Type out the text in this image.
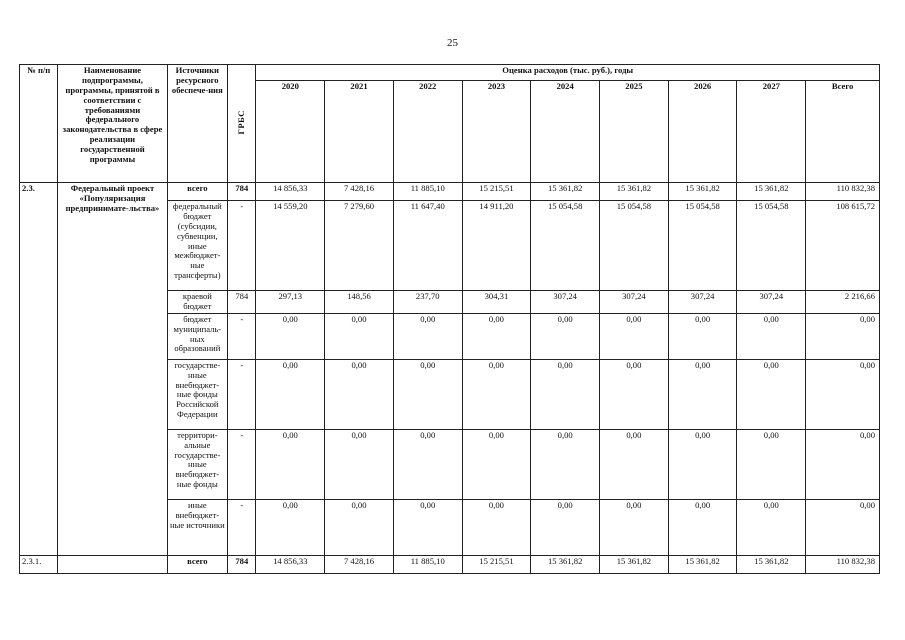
25
№ п/п	Наименование подпрограммы, программы, принятой в соответствии с требованиями федерального законодательства в сфере реализации государственной программы	Источники ресурсного обеспече-ния	ГРБС	Оценка расходов (тыс. руб.), годы								
				2020	2021	2022	2023	2024	2025	2026	2027	Всего
2.3.	Федеральный проект «Популяризация предпринимате-льства»	всего	784	14 856,33	7 428,16	11 885,10	15 215,51	15 361,82	15 361,82	15 361,82	15 361,82	110 832,38
		федеральный бюджет (субсидии, субвенции, иные межбюджет-ные трансферты)	-	14 559,20	7 279,60	11 647,40	14 911,20	15 054,58	15 054,58	15 054,58	15 054,58	108 615,72
		краевой бюджет	784	297,13	148,56	237,70	304,31	307,24	307,24	307,24	307,24	2 216,66
		бюджет муниципаль-ных образований	-	0,00	0,00	0,00	0,00	0,00	0,00	0,00	0,00	0,00
		государстве-нные внебюджет-ные фонды Российской Федерации	-	0,00	0,00	0,00	0,00	0,00	0,00	0,00	0,00	0,00
		территори-альные государстве-нные внебюджет-ные фонды	-	0,00	0,00	0,00	0,00	0,00	0,00	0,00	0,00	0,00
		иные внебюджет-ные источники	-	0,00	0,00	0,00	0,00	0,00	0,00	0,00	0,00	0,00
2.3.1.		всего	784	14 856,33	7 428,16	11 885,10	15 215,51	15 361,82	15 361,82	15 361,82	15 361,82	110 832,38
